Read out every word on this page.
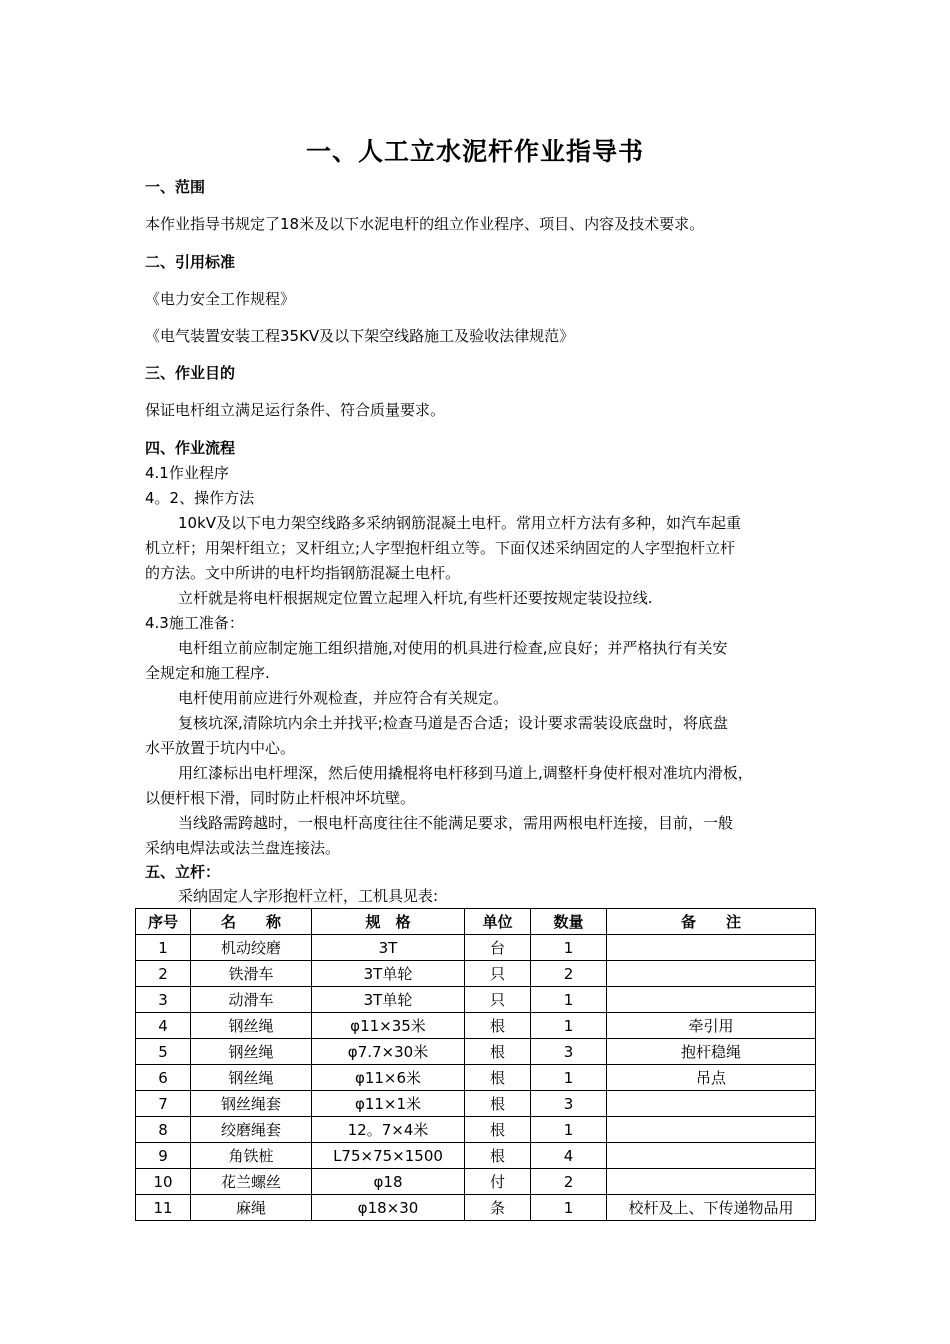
一、人工立水泥杆作业指导书
一、范围
本作业指导书规定了18米及以下水泥电杆的组立作业程序、项目、内容及技术要求。
二、引用标准
《电力安全工作规程》
《电气装置安装工程35KV及以下架空线路施工及验收法律规范》
三、作业目的
保证电杆组立满足运行条件、符合质量要求。
四、作业流程
4.1作业程序
4。2、操作方法
10kV及以下电力架空线路多采纳钢筋混凝土电杆。常用立杆方法有多种，如汽车起重
机立杆；用架杆组立；叉杆组立;人字型抱杆组立等。下面仅述采纳固定的人字型抱杆立杆
的方法。文中所讲的电杆均指钢筋混凝土电杆。
立杆就是将电杆根据规定位置立起埋入杆坑,有些杆还要按规定装设拉线.
4.3施工准备：
电杆组立前应制定施工组织措施,对使用的机具进行检查,应良好；并严格执行有关安
全规定和施工程序.
电杆使用前应进行外观检查，并应符合有关规定。
复核坑深,清除坑内余土并找平;检查马道是否合适；设计要求需装设底盘时，将底盘
水平放置于坑内中心。
用红漆标出电杆埋深，然后使用撬棍将电杆移到马道上,调整杆身使杆根对准坑内滑板，
以便杆根下滑，同时防止杆根冲坏坑壁。
当线路需跨越时，一根电杆高度往往不能满足要求，需用两根电杆连接，目前，一般
采纳电焊法或法兰盘连接法。
五、立杆：
采纳固定人字形抱杆立杆，工机具见表:
序号	名　　称	规　格	单位	数量	备　　注
1	机动绞磨	3T	台	1	
2	铁滑车	3T单轮	只	2	
3	动滑车	3T单轮	只	1	
4	钢丝绳	φ11×35米	根	1	牵引用
5	钢丝绳	φ7.7×30米	根	3	抱杆稳绳
6	钢丝绳	φ11×6米	根	1	吊点
7	钢丝绳套	φ11×1米	根	3	
8	绞磨绳套	12。7×4米	根	1	
9	角铁桩	L75×75×1500	根	4	
10	花兰螺丝	φ18	付	2	
11	麻绳	φ18×30	条	1	校杆及上、下传递物品用
